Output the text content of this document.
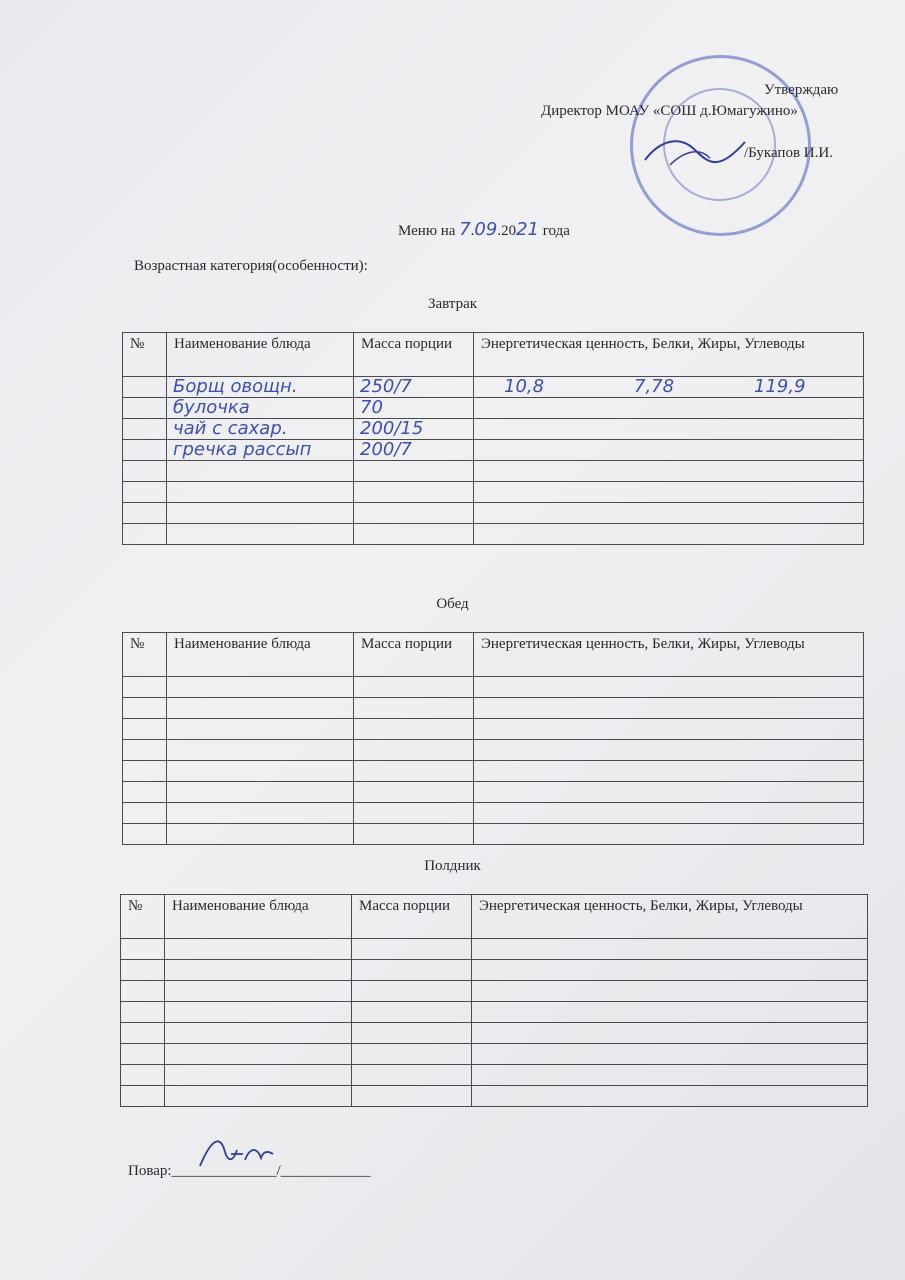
Утверждаю
Директор МОАУ «СОШ д.Юмагужино»
/Букапов И.И.
Меню на 7.09.2021 года
Возрастная категория(особенности):
Завтрак
№	Наименование блюда	Масса порции	Энергетическая ценность, Белки, Жиры, Углеводы
	Борщ овощн.	250/7	10,8 7,78 119,9

	булочка	70	

	чай с сахар.	200/15	

	гречка рассып	200/7	

Обед
№	Наименование блюда	Масса порции	Энергетическая ценность, Белки, Жиры, Углеводы

Полдник
№	Наименование блюда	Масса порции	Энергетическая ценность, Белки, Жиры, Углеводы

Повар:______________/____________
